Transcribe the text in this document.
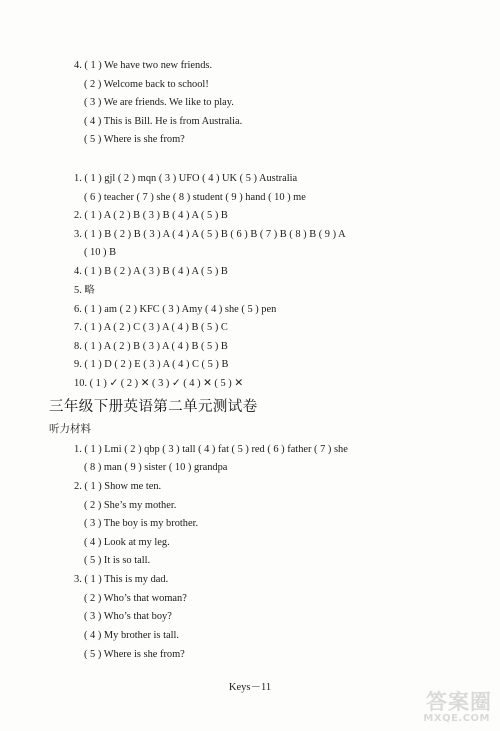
4. ( 1 ) We have two new friends.
( 2 ) Welcome back to school!
( 3 ) We are friends. We like to play.
( 4 ) This is Bill. He is from Australia.
( 5 ) Where is she from?
1. ( 1 ) gjl ( 2 ) mqn ( 3 ) UFO ( 4 ) UK ( 5 ) Australia
( 6 ) teacher ( 7 ) she ( 8 ) student ( 9 ) hand ( 10 ) me
2. ( 1 ) A ( 2 ) B ( 3 ) B ( 4 ) A ( 5 ) B
3. ( 1 ) B ( 2 ) B ( 3 ) A ( 4 ) A ( 5 ) B ( 6 ) B ( 7 ) B ( 8 ) B ( 9 ) A
( 10 ) B
4. ( 1 ) B ( 2 ) A ( 3 ) B ( 4 ) A ( 5 ) B
5. 略
6. ( 1 ) am ( 2 ) KFC ( 3 ) Amy ( 4 ) she ( 5 ) pen
7. ( 1 ) A ( 2 ) C ( 3 ) A ( 4 ) B ( 5 ) C
8. ( 1 ) A ( 2 ) B ( 3 ) A ( 4 ) B ( 5 ) B
9. ( 1 ) D ( 2 ) E ( 3 ) A ( 4 ) C ( 5 ) B
10. ( 1 ) ✓ ( 2 ) ✕ ( 3 ) ✓ ( 4 ) ✕ ( 5 ) ✕
三年级下册英语第二单元测试卷
听力材料
1. ( 1 ) Lmi ( 2 ) qbp ( 3 ) tall ( 4 ) fat ( 5 ) red ( 6 ) father ( 7 ) she
( 8 ) man ( 9 ) sister ( 10 ) grandpa
2. ( 1 ) Show me ten.
( 2 ) She’s my mother.
( 3 ) The boy is my brother.
( 4 ) Look at my leg.
( 5 ) It is so tall.
3. ( 1 ) This is my dad.
( 2 ) Who’s that woman?
( 3 ) Who’s that boy?
( 4 ) My brother is tall.
( 5 ) Where is she from?
Keys－11
答案圈
MXQE.COM
